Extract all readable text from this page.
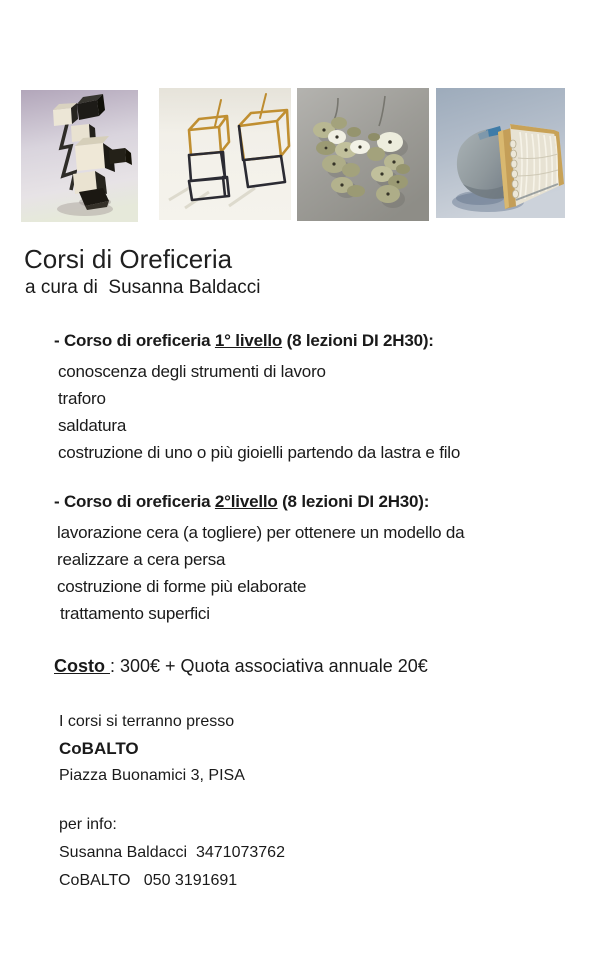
Corsi di Oreficeria
a cura di  Susanna Baldacci
- Corso di oreficeria 1° livello (8 lezioni DI 2H30):
conoscenza degli strumenti di lavoro
traforo
saldatura
costruzione di uno o più gioielli partendo da lastra e filo
- Corso di oreficeria 2°livello (8 lezioni DI 2H30):
lavorazione cera (a togliere) per ottenere un modello da
realizzare a cera persa
costruzione di forme più elaborate
trattamento superfici
Costo : 300€ + Quota associativa annuale 20€
I corsi si terranno presso
CoBALTO
Piazza Buonamici 3, PISA
per info:
Susanna Baldacci  3471073762
CoBALTO   050 3191691
